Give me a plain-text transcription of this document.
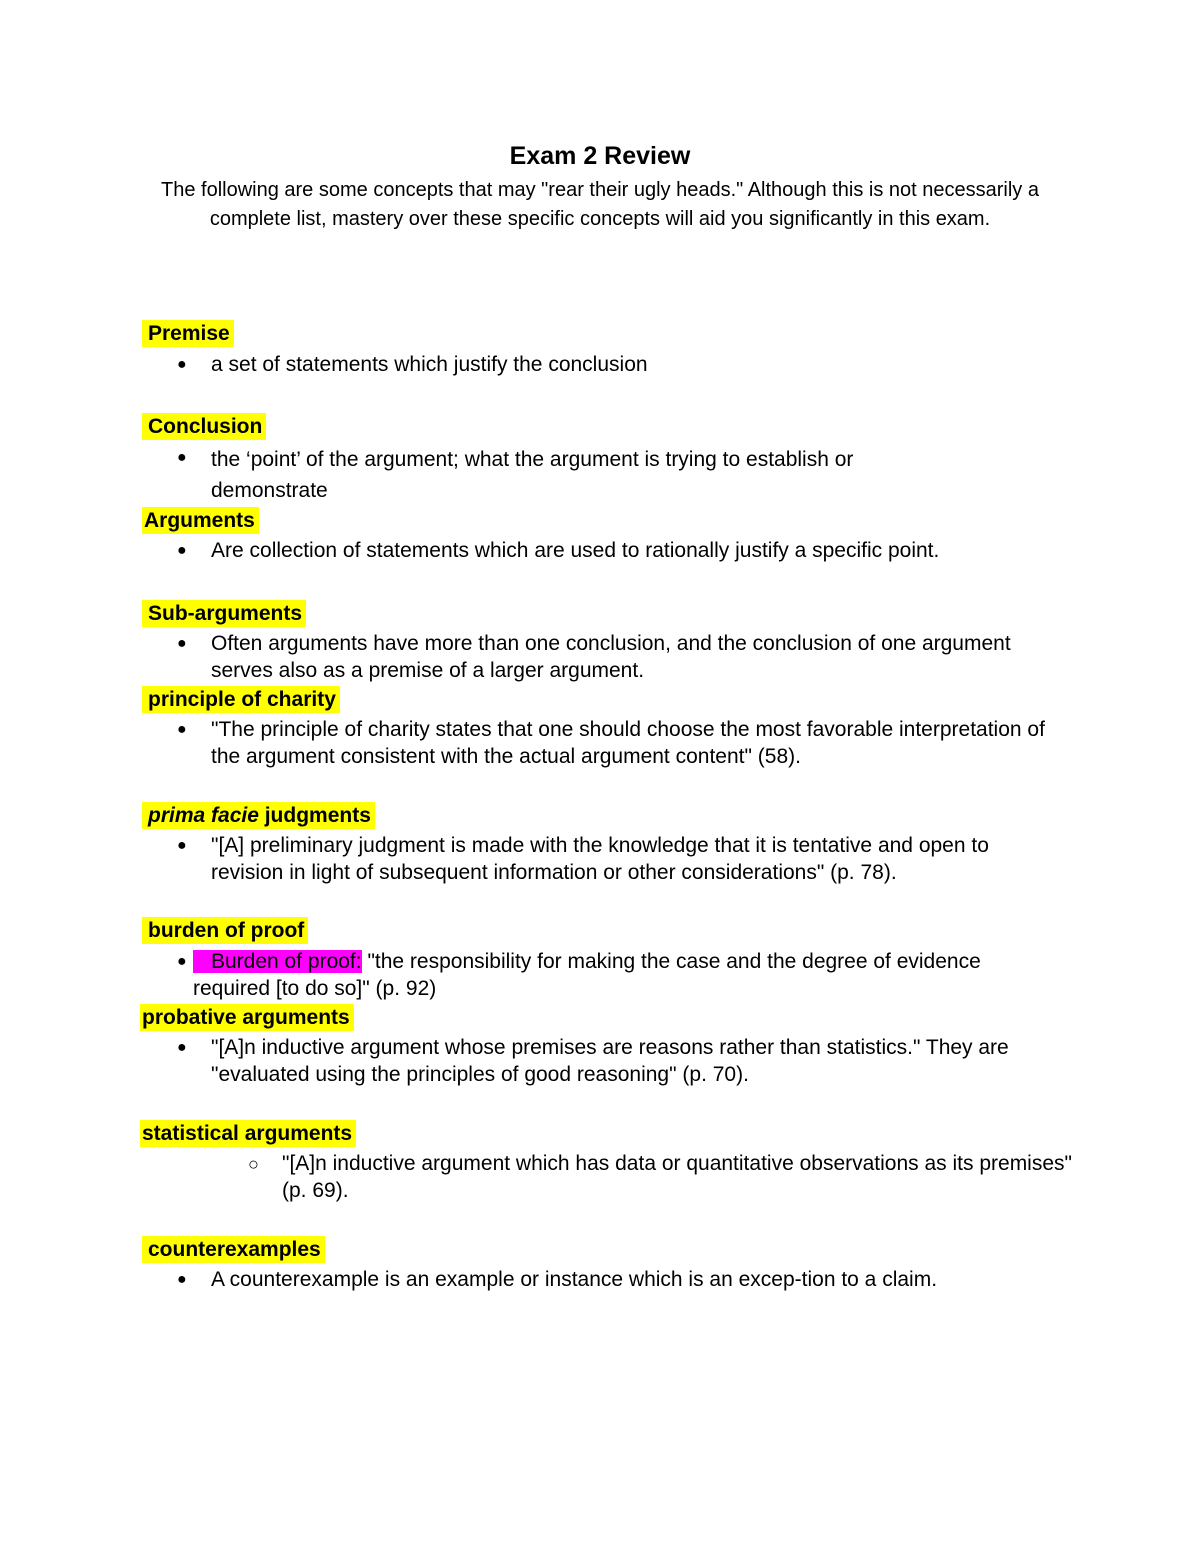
Exam 2 Review
The following are some concepts that may "rear their ugly heads." Although this is not necessarily a complete list, mastery over these specific concepts will aid you significantly in this exam.
Premise
● a set of statements which justify the conclusion
Conclusion
● the ‘point’ of the argument; what the argument is trying to establish or demonstrate
Arguments
● Are collection of statements which are used to rationally justify a specific point.
Sub-arguments
● Often arguments have more than one conclusion, and the conclusion of one argument serves also as a premise of a larger argument.
principle of charity
● "The principle of charity states that one should choose the most favorable interpretation of the argument consistent with the actual argument content" (58).
prima facie judgments
● "[A] preliminary judgment is made with the knowledge that it is tentative and open to revision in light of subsequent information or other considerations" (p. 78).
burden of proof
●	Burden of proof: "the responsibility for making the case and the degree of evidence required [to do so]" (p. 92)
probative arguments
● "[A]n inductive argument whose premises are reasons rather than statistics." They are "evaluated using the principles of good reasoning" (p. 70).
statistical arguments
○ "[A]n inductive argument which has data or quantitative observations as its premises" (p. 69).
counterexamples
● A counterexample is an example or instance which is an excep-tion to a claim.
